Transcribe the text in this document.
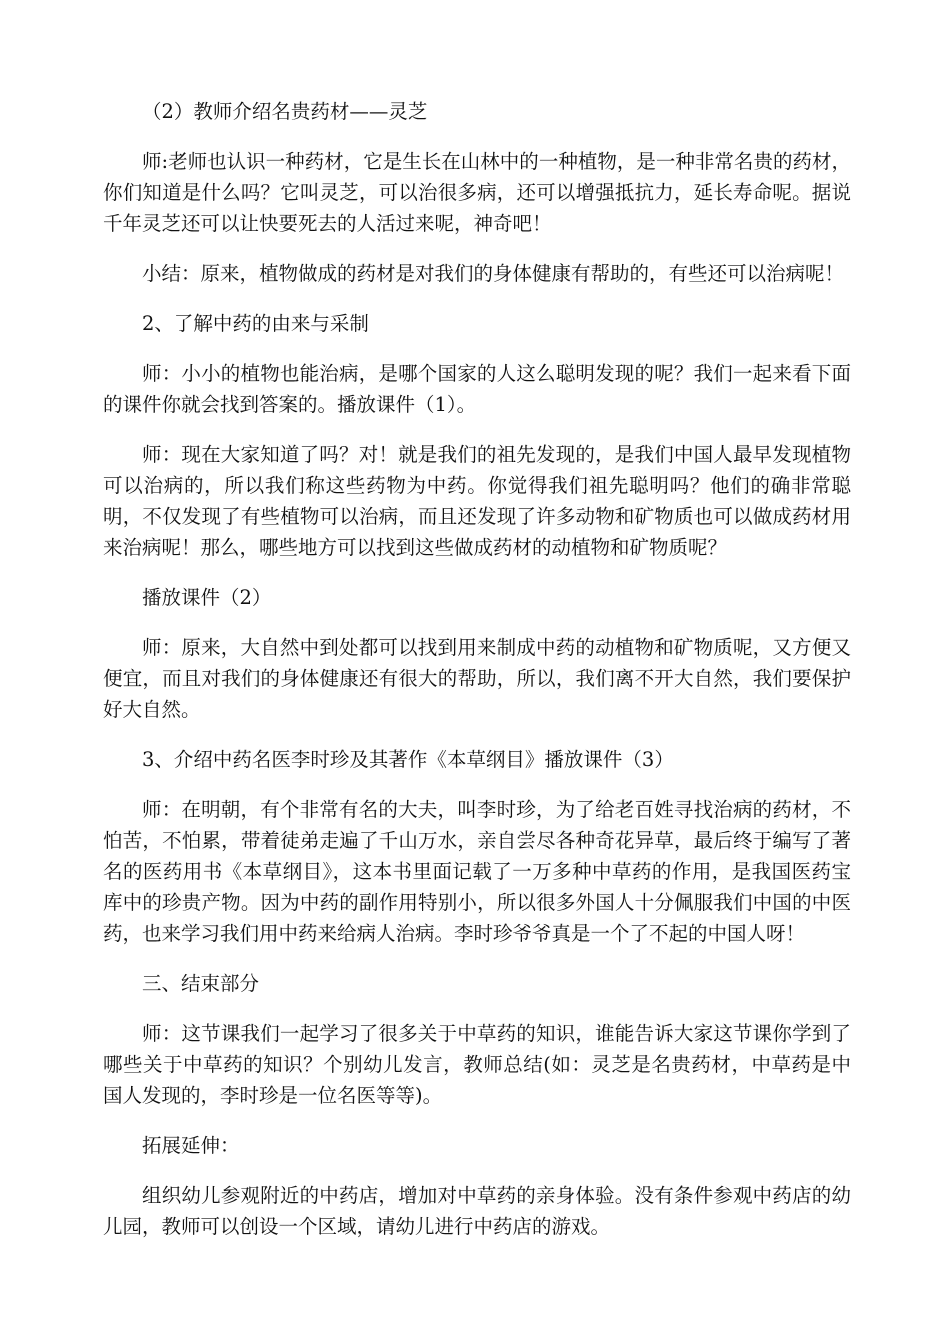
（2）教师介绍名贵药材——灵芝

师:老师也认识一种药材，它是生长在山林中的一种植物，是一种非常名贵的药材，你们知道是什么吗？它叫灵芝，可以治很多病，还可以增强抵抗力，延长寿命呢。据说千年灵芝还可以让快要死去的人活过来呢，神奇吧！

小结：原来，植物做成的药材是对我们的身体健康有帮助的，有些还可以治病呢！

2、了解中药的由来与采制

师：小小的植物也能治病，是哪个国家的人这么聪明发现的呢？我们一起来看下面的课件你就会找到答案的。播放课件（1）。

师：现在大家知道了吗？对！就是我们的祖先发现的，是我们中国人最早发现植物可以治病的，所以我们称这些药物为中药。你觉得我们祖先聪明吗？他们的确非常聪明，不仅发现了有些植物可以治病，而且还发现了许多动物和矿物质也可以做成药材用来治病呢！那么，哪些地方可以找到这些做成药材的动植物和矿物质呢？

播放课件（2）

师：原来，大自然中到处都可以找到用来制成中药的动植物和矿物质呢，又方便又便宜，而且对我们的身体健康还有很大的帮助，所以，我们离不开大自然，我们要保护好大自然。

3、介绍中药名医李时珍及其著作《本草纲目》播放课件（3）

师：在明朝，有个非常有名的大夫，叫李时珍，为了给老百姓寻找治病的药材，不怕苦，不怕累，带着徒弟走遍了千山万水，亲自尝尽各种奇花异草，最后终于编写了著名的医药用书《本草纲目》，这本书里面记载了一万多种中草药的作用，是我国医药宝库中的珍贵产物。因为中药的副作用特别小，所以很多外国人十分佩服我们中国的中医药，也来学习我们用中药来给病人治病。李时珍爷爷真是一个了不起的中国人呀！

三、结束部分

师：这节课我们一起学习了很多关于中草药的知识，谁能告诉大家这节课你学到了哪些关于中草药的知识？个别幼儿发言，教师总结(如：灵芝是名贵药材，中草药是中国人发现的，李时珍是一位名医等等)。

拓展延伸：

组织幼儿参观附近的中药店，增加对中草药的亲身体验。没有条件参观中药店的幼儿园，教师可以创设一个区域，请幼儿进行中药店的游戏。
